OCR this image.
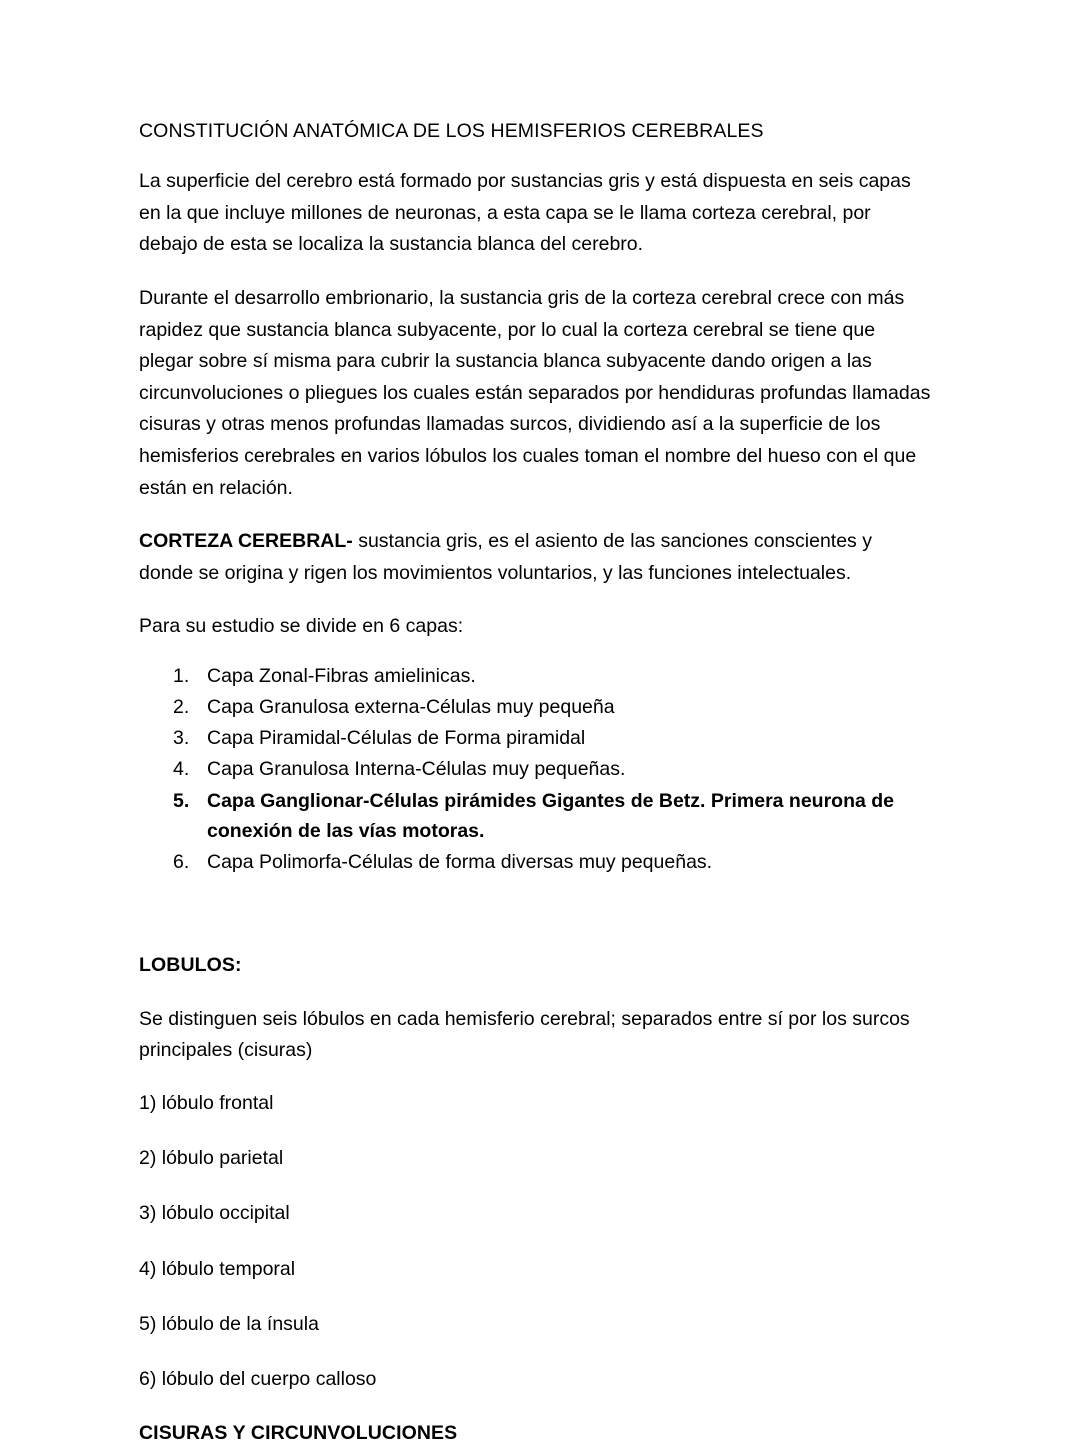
CONSTITUCIÓN ANATÓMICA DE LOS HEMISFERIOS CEREBRALES

La superficie del cerebro está formado por sustancias gris y está dispuesta en seis capas en la que incluye millones de neuronas, a esta capa se le llama corteza cerebral, por debajo de esta se localiza la sustancia blanca del cerebro.

Durante el desarrollo embrionario, la sustancia gris de la corteza cerebral crece con más rapidez que sustancia blanca subyacente, por lo cual la corteza cerebral se tiene que plegar sobre sí misma para cubrir la sustancia blanca subyacente dando origen a las circunvoluciones o pliegues los cuales están separados por hendiduras profundas llamadas cisuras y otras menos profundas llamadas surcos, dividiendo así a la superficie de los hemisferios cerebrales en varios lóbulos los cuales toman el nombre del hueso con el que están en relación.

CORTEZA CEREBRAL- sustancia gris, es el asiento de las sanciones conscientes y donde se origina y rigen los movimientos voluntarios, y las funciones intelectuales.

Para su estudio se divide en 6 capas:

Capa Zonal-Fibras amielinicas.
Capa Granulosa externa-Células muy pequeña
Capa Piramidal-Células de Forma piramidal
Capa Granulosa Interna-Células muy pequeñas.
Capa Ganglionar-Células pirámides Gigantes de Betz. Primera neurona de conexión de las vías motoras.
Capa Polimorfa-Células de forma diversas muy pequeñas.
LOBULOS:

Se distinguen seis lóbulos en cada hemisferio cerebral; separados entre sí por los surcos principales (cisuras)

1) lóbulo frontal
2) lóbulo parietal
3) lóbulo occipital
4) lóbulo temporal
5) lóbulo de la ínsula
6) lóbulo del cuerpo calloso
CISURAS Y CIRCUNVOLUCIONES
